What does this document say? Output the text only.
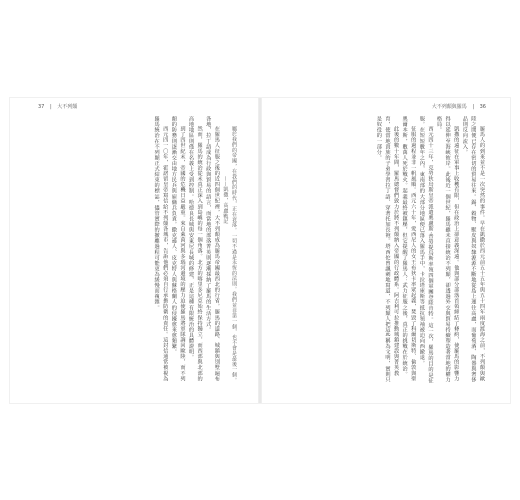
37 | 大不列顛

屬於我們的帝國，在我們的時代，正在衰落。一切不過是永恆的法則。我們並非第一個，也不會是最後一個。

——凱撒，高盧戰記

在羅馬人征服之後的近四個世紀裡，大不列顛成為羅馬帝國最西北的行省。羅馬的道路、城鎮與別墅遍布各地，拉丁語成為行政與貿易的語言，而當地的部落菁英則逐漸採納了羅馬的生活方式。

然而，羅馬的統治從未真正深入到島嶼的每一個角落。北方的喀里多尼亞始終保持獨立，而西部與北部的高地地區則僅在名義上受到控制。哈德良長城與安東尼長城的修建，正是這種有限統治的具體證明。

到了四世紀末，帝國的危機日益嚴重。來自萊茵河與多瑙河邊境的壓力迫使羅馬將軍隊調回歐陸，而不列顛的防務則逐漸交由地方民兵與雇傭兵負責。撒克遜人、皮克特人與蘇格蘭人的侵擾愈來愈頻繁。

西元四一〇年，霍諾留皇帝寫信給不列顛各城市，告訴他們必須自行承擔防衛的責任。這封信通常被視為羅馬統治在不列顛正式結束的標誌，儘管實際的撤離過程可能更為緩慢而複雜。

大不列顛與羅馬 | 36

羅馬人的到來並不是一次突然的事件。早在凱撒於西元前五十五年與五十四年兩度渡海之前，不列顛與歐陸之間便已存在密切的貿易往來。錫、穀物、獸皮與奴隸源源不斷地從島上運往高盧，而葡萄酒、陶器與奢侈品則反向流入。

凱撒的遠征在軍事上收穫有限，但在政治上卻意義深遠。他與部分部落首領締結了條約，使羅馬的影響力得以延伸至海峽彼岸。此後近一個世紀，羅馬雖未直接統治不列顛，卻透過外交與貿易持續塑造著當地的權力格局。

西元四十三年，克勞狄烏斯皇帝派遣奧盧斯·普勞提烏斯率領四個軍團登陸肯特。這一次，羅馬的目的是征服。在短短數年之內，東南部的大部分地區便已落入羅馬手中，卡拉塔庫斯等抵抗領袖被迫向西撤退。

征服的過程並非一帆風順。西元六十年，愛西尼人的女王布狄卡率眾起義，焚毀了科爾切斯特、倫敦與聖奧爾本斯，數萬人死於戰火。起義最終被鎮壓，但它提醒了羅馬人：武力征服之後，真正的挑戰在於統治。

此後的數十年間，羅馬總督們致力於將不列顛納入帝國的行政體系。阿古利可拉推動城鎮建設與菁英教育，使當地貴族的子弟學習拉丁語、穿著托加長袍。塔西佗曾諷刺地寫道，不列顛人把這些稱為文明，實則只是奴役的一部分。
